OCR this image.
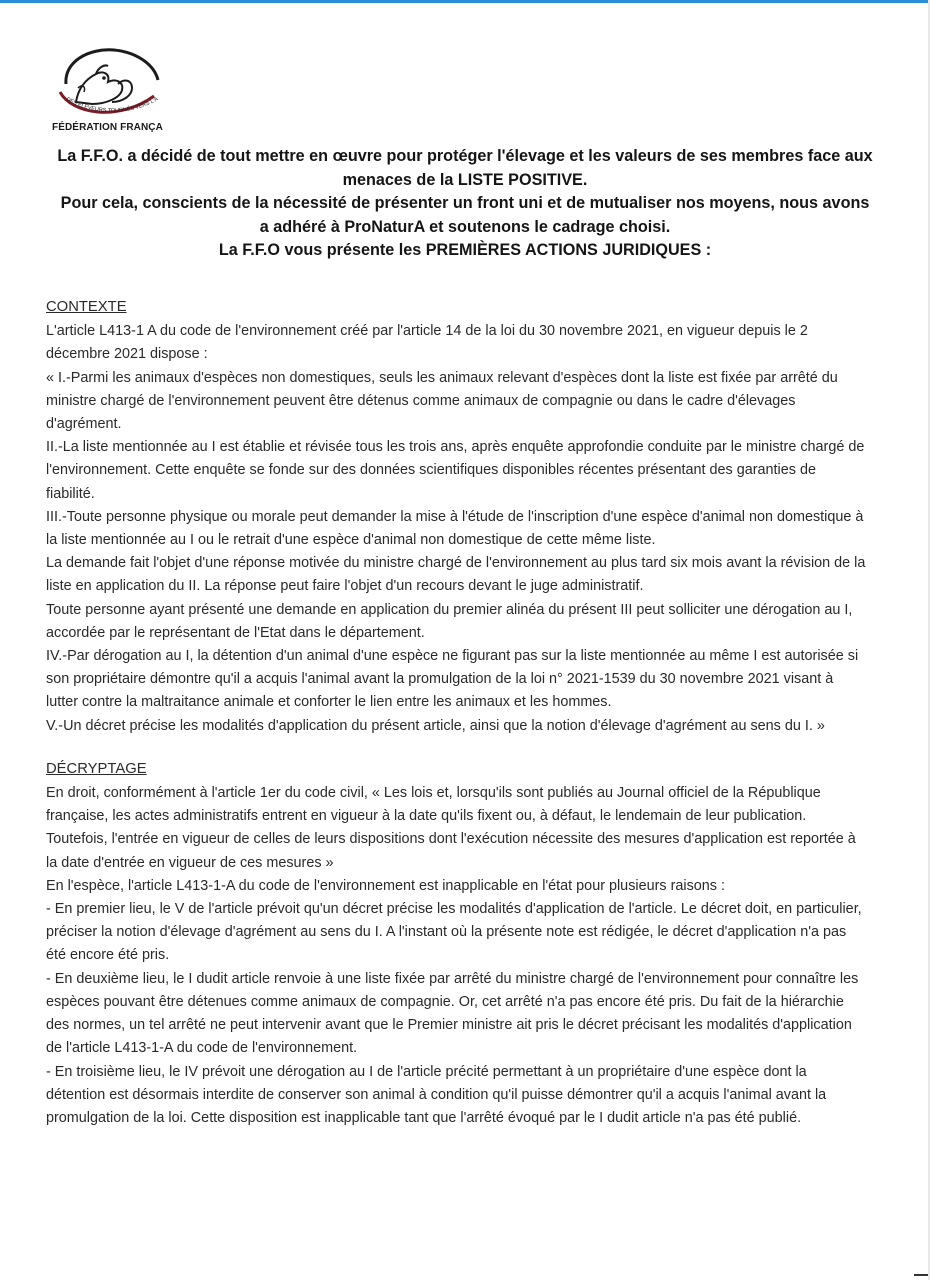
DES ÉLEVEURS TOURNÉS VERS L'A
FÉDÉRATION FRANÇA

La F.F.O. a décidé de tout mettre en œuvre pour protéger l'élevage et les valeurs de ses membres face aux menaces de la LISTE POSITIVE.

Pour cela, conscients de la nécessité de présenter un front uni et de mutualiser nos moyens, nous avons a adhéré à ProNaturA et soutenons le cadrage choisi.

La F.F.O vous présente les PREMIÈRES ACTIONS JURIDIQUES :

CONTEXTE

L'article L413-1 A du code de l'environnement créé par l'article 14 de la loi du 30 novembre 2021, en vigueur depuis le 2 décembre 2021 dispose :

« I.-Parmi les animaux d'espèces non domestiques, seuls les animaux relevant d'espèces dont la liste est fixée par arrêté du ministre chargé de l'environnement peuvent être détenus comme animaux de compagnie ou dans le cadre d'élevages d'agrément.

II.-La liste mentionnée au I est établie et révisée tous les trois ans, après enquête approfondie conduite par le ministre chargé de l'environnement. Cette enquête se fonde sur des données scientifiques disponibles récentes présentant des garanties de fiabilité.

III.-Toute personne physique ou morale peut demander la mise à l'étude de l'inscription d'une espèce d'animal non domestique à la liste mentionnée au I ou le retrait d'une espèce d'animal non domestique de cette même liste.

La demande fait l'objet d'une réponse motivée du ministre chargé de l'environnement au plus tard six mois avant la révision de la liste en application du II. La réponse peut faire l'objet d'un recours devant le juge administratif.

Toute personne ayant présenté une demande en application du premier alinéa du présent III peut solliciter une dérogation au I, accordée par le représentant de l'Etat dans le département.

IV.-Par dérogation au I, la détention d'un animal d'une espèce ne figurant pas sur la liste mentionnée au même I est autorisée si son propriétaire démontre qu'il a acquis l'animal avant la promulgation de la loi n° 2021-1539 du 30 novembre 2021 visant à lutter contre la maltraitance animale et conforter le lien entre les animaux et les hommes.

V.-Un décret précise les modalités d'application du présent article, ainsi que la notion d'élevage d'agrément au sens du I. »

DÉCRYPTAGE

En droit, conformément à l'article 1er du code civil, « Les lois et, lorsqu'ils sont publiés au Journal officiel de la République française, les actes administratifs entrent en vigueur à la date qu'ils fixent ou, à défaut, le lendemain de leur publication. Toutefois, l'entrée en vigueur de celles de leurs dispositions dont l'exécution nécessite des mesures d'application est reportée à la date d'entrée en vigueur de ces mesures »

En l'espèce, l'article L413-1-A du code de l'environnement est inapplicable en l'état pour plusieurs raisons :

- En premier lieu, le V de l'article prévoit qu'un décret précise les modalités d'application de l'article. Le décret doit, en particulier, préciser la notion d'élevage d'agrément au sens du I. A l'instant où la présente note est rédigée, le décret d'application n'a pas été encore été pris.

- En deuxième lieu, le I dudit article renvoie à une liste fixée par arrêté du ministre chargé de l'environnement pour connaître les espèces pouvant être détenues comme animaux de compagnie. Or, cet arrêté n'a pas encore été pris. Du fait de la hiérarchie des normes, un tel arrêté ne peut intervenir avant que le Premier ministre ait pris le décret précisant les modalités d'application de l'article L413-1-A du code de l'environnement.

- En troisième lieu, le IV prévoit une dérogation au I de l'article précité permettant à un propriétaire d'une espèce dont la détention est désormais interdite de conserver son animal à condition qu'il puisse démontrer qu'il a acquis l'animal avant la promulgation de la loi. Cette disposition est inapplicable tant que l'arrêté évoqué par le I dudit article n'a pas été publié.
